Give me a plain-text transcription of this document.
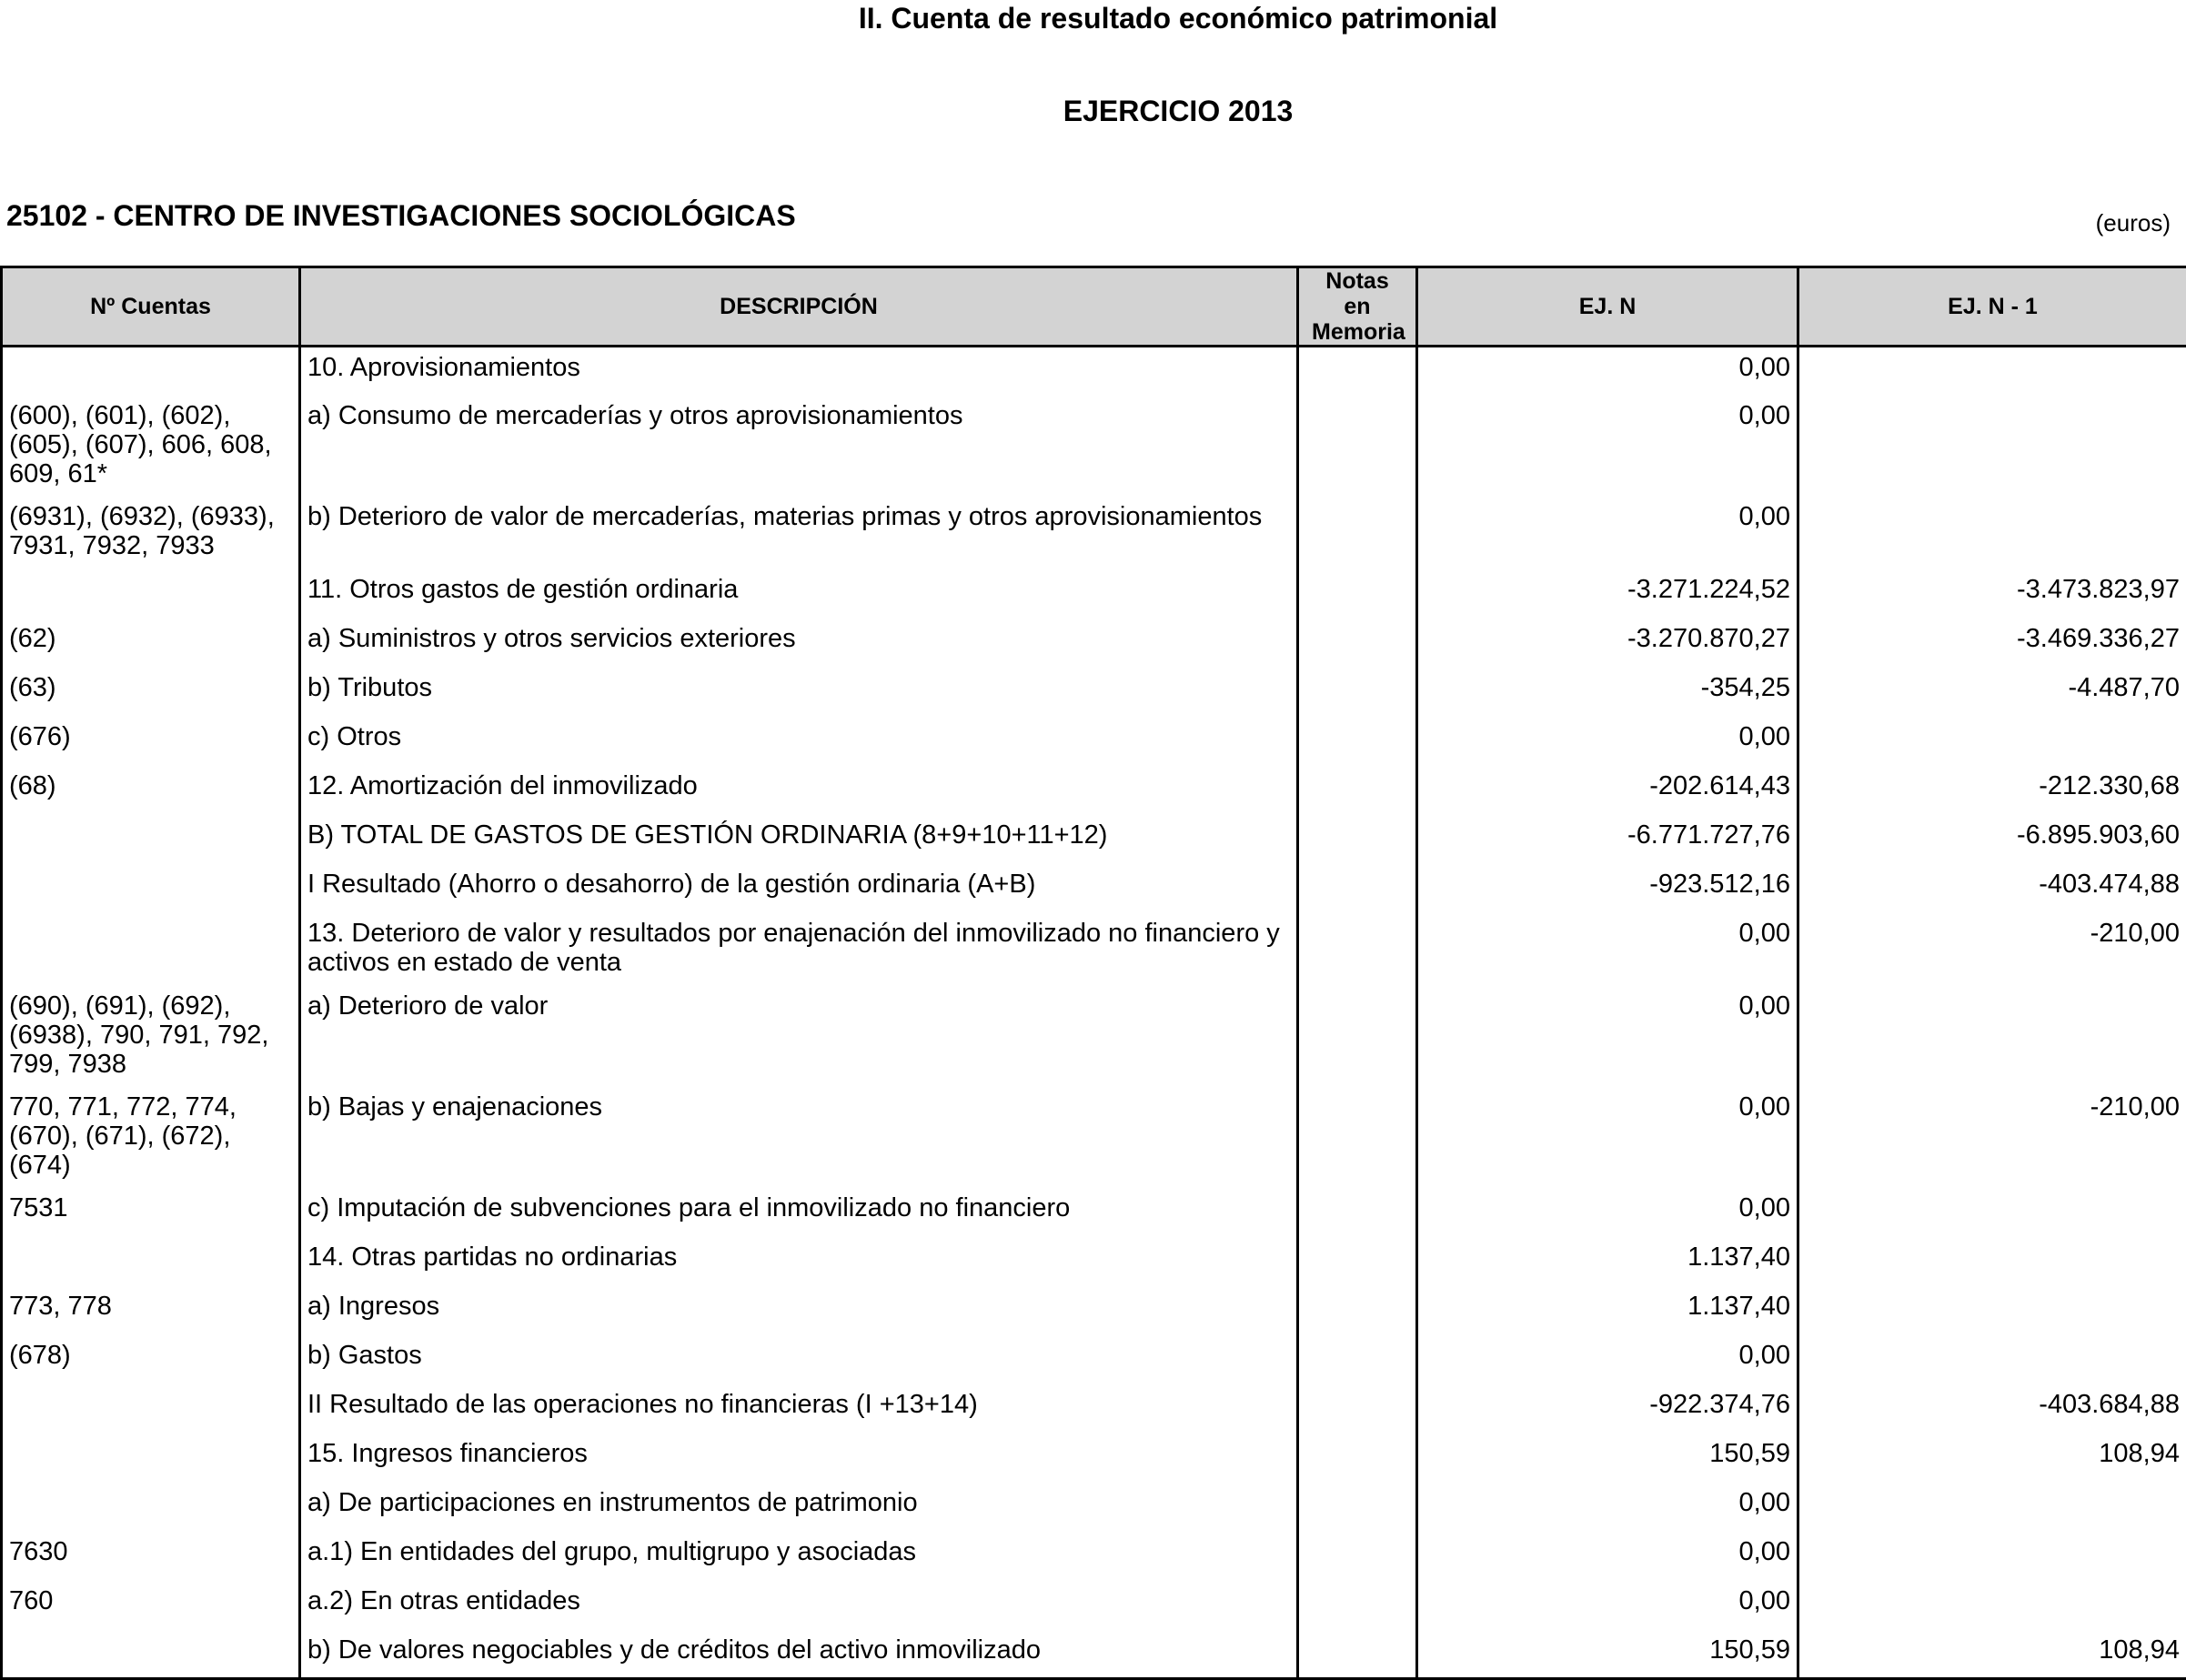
II. Cuenta de resultado económico patrimonial
EJERCICIO 2013
25102 - CENTRO DE INVESTIGACIONES SOCIOLÓGICAS	(euros)
Nº Cuentas	DESCRIPCIÓN	Notas en Memoria	EJ. N	EJ. N - 1
	10. Aprovisionamientos		0,00	
(600), (601), (602), (605), (607), 606, 608, 609, 61*	a) Consumo de mercaderías y otros aprovisionamientos		0,00	
(6931), (6932), (6933), 7931, 7932, 7933	b) Deterioro de valor de mercaderías, materias primas y otros aprovisionamientos		0,00	
	11. Otros gastos de gestión ordinaria		-3.271.224,52	-3.473.823,97
(62)	a) Suministros y otros servicios exteriores		-3.270.870,27	-3.469.336,27
(63)	b) Tributos		-354,25	-4.487,70
(676)	c) Otros		0,00	
(68)	12. Amortización del inmovilizado		-202.614,43	-212.330,68
	B) TOTAL DE GASTOS DE GESTIÓN ORDINARIA (8+9+10+11+12)		-6.771.727,76	-6.895.903,60
	I Resultado (Ahorro o desahorro) de la gestión ordinaria (A+B)		-923.512,16	-403.474,88
	13. Deterioro de valor y resultados por enajenación del inmovilizado no financiero y activos en estado de venta		0,00	-210,00
(690), (691), (692), (6938), 790, 791, 792, 799, 7938	a) Deterioro de valor		0,00	
770, 771, 772, 774, (670), (671), (672), (674)	b) Bajas y enajenaciones		0,00	-210,00
7531	c) Imputación de subvenciones para el inmovilizado no financiero		0,00	
	14. Otras partidas no ordinarias		1.137,40	
773, 778	a) Ingresos		1.137,40	
(678)	b) Gastos		0,00	
	II Resultado de las operaciones no financieras (I +13+14)		-922.374,76	-403.684,88
	15. Ingresos financieros		150,59	108,94
	a) De participaciones en instrumentos de patrimonio		0,00	
7630	a.1) En entidades del grupo, multigrupo y asociadas		0,00	
760	a.2) En otras entidades		0,00	
	b) De valores negociables y de créditos del activo inmovilizado		150,59	108,94
